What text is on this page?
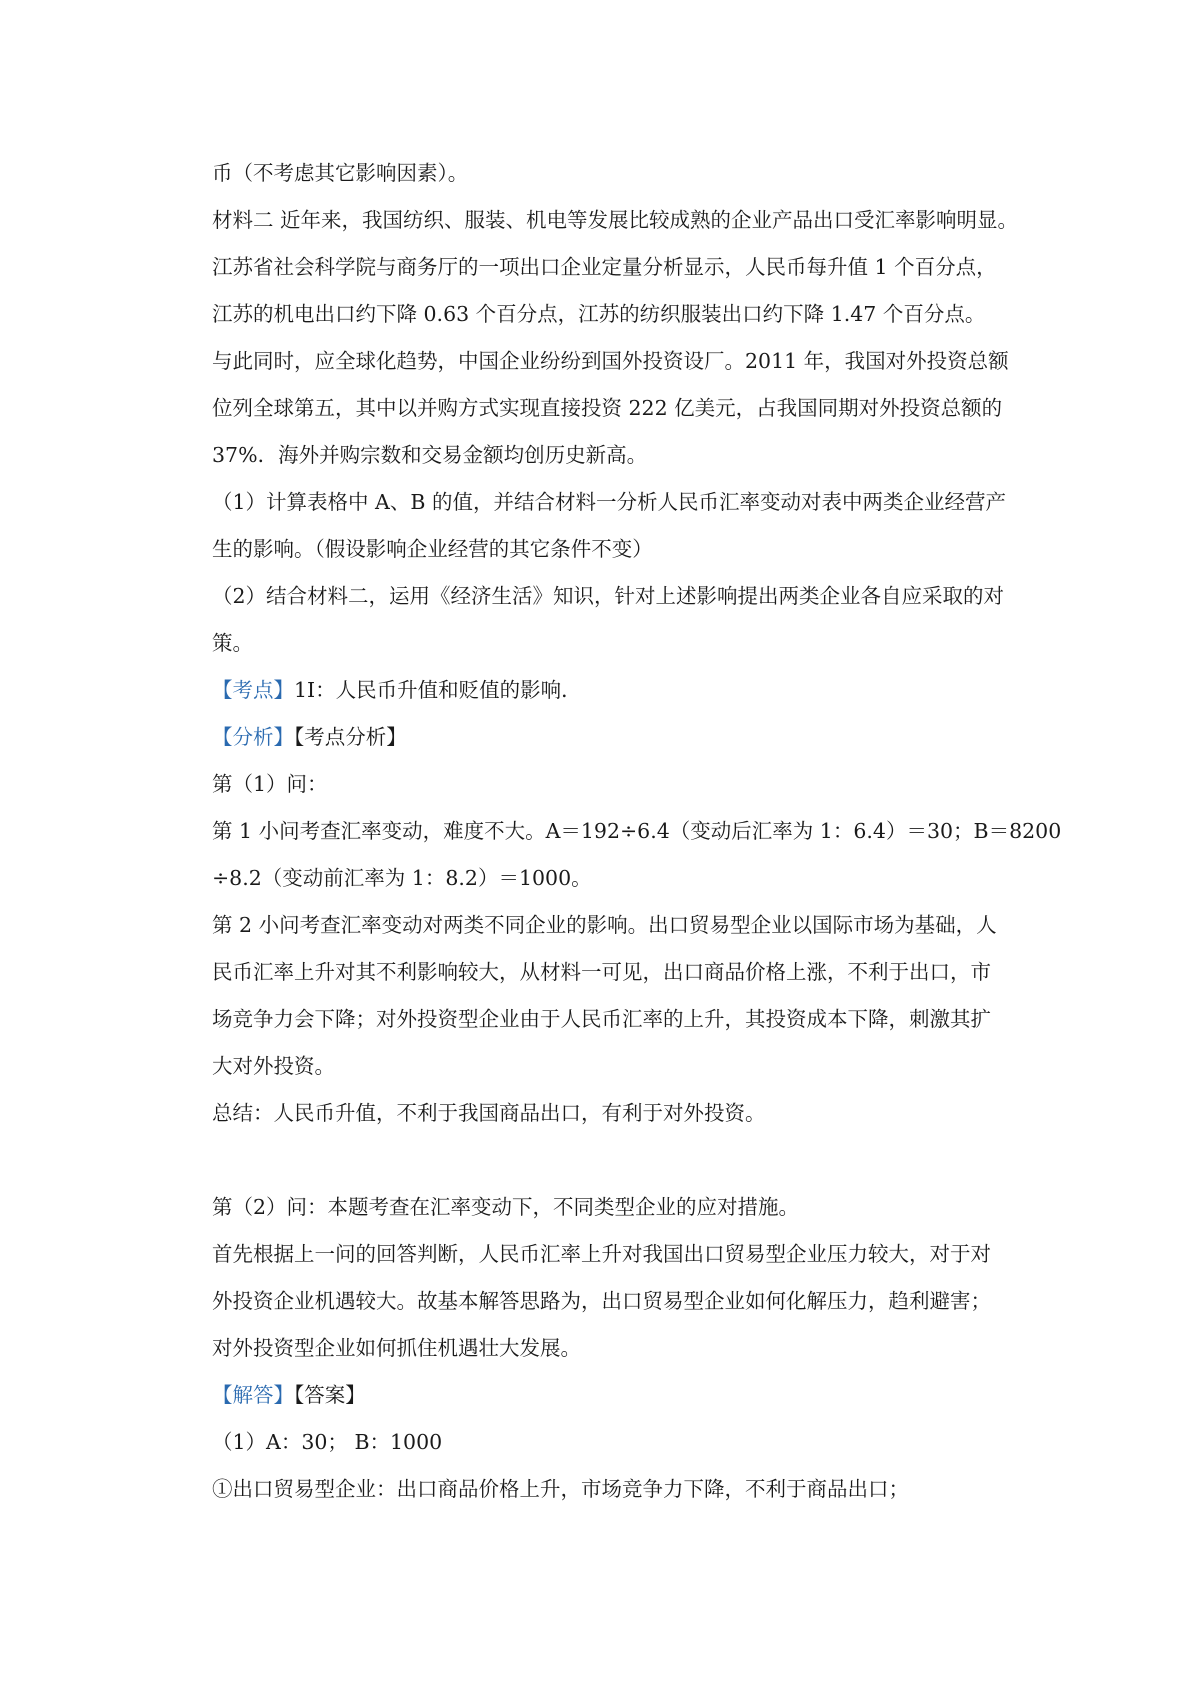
币（不考虑其它影响因素）。
材料二 近年来，我国纺织、服装、机电等发展比较成熟的企业产品出口受汇率影响明显。
江苏省社会科学院与商务厅的一项出口企业定量分析显示，人民币每升值 1 个百分点，
江苏的机电出口约下降 0.63 个百分点，江苏的纺织服装出口约下降 1.47 个百分点。
与此同时，应全球化趋势，中国企业纷纷到国外投资设厂。2011 年，我国对外投资总额
位列全球第五，其中以并购方式实现直接投资 222 亿美元，占我国同期对外投资总额的
37%．海外并购宗数和交易金额均创历史新高。
（1）计算表格中 A、B 的值，并结合材料一分析人民币汇率变动对表中两类企业经营产
生的影响。（假设影响企业经营的其它条件不变）
（2）结合材料二，运用《经济生活》知识，针对上述影响提出两类企业各自应采取的对
策。
【考点】1I：人民币升值和贬值的影响．
【分析】【考点分析】
第（1）问：
第 1 小问考查汇率变动，难度不大。A＝192÷6.4（变动后汇率为 1：6.4）＝30；B＝8200
÷8.2（变动前汇率为 1：8.2）＝1000。
第 2 小问考查汇率变动对两类不同企业的影响。出口贸易型企业以国际市场为基础，人
民币汇率上升对其不利影响较大，从材料一可见，出口商品价格上涨，不利于出口，市
场竞争力会下降；对外投资型企业由于人民币汇率的上升，其投资成本下降，刺激其扩
大对外投资。
总结：人民币升值，不利于我国商品出口，有利于对外投资。
第（2）问：本题考查在汇率变动下，不同类型企业的应对措施。
首先根据上一问的回答判断，人民币汇率上升对我国出口贸易型企业压力较大，对于对
外投资企业机遇较大。故基本解答思路为，出口贸易型企业如何化解压力，趋利避害；
对外投资型企业如何抓住机遇壮大发展。
【解答】【答案】
（1）A：30； B：1000
①出口贸易型企业：出口商品价格上升，市场竞争力下降，不利于商品出口；
